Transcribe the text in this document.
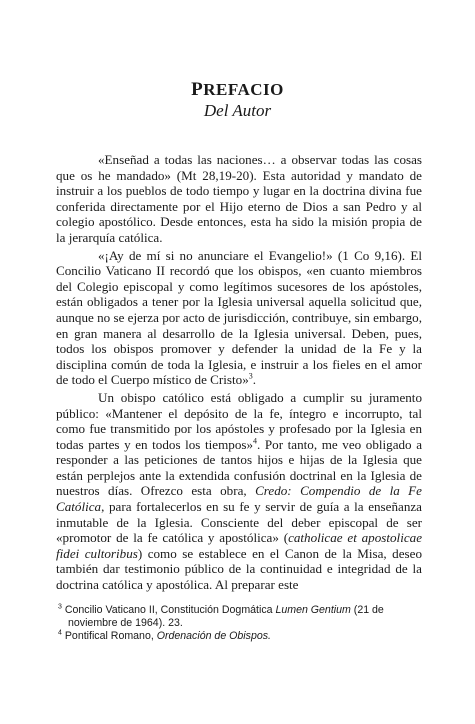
PREFACIO
Del Autor

«Enseñad a todas las naciones… a observar todas las cosas que os he mandado» (Mt 28,19-20). Esta autoridad y mandato de instruir a los pueblos de todo tiempo y lugar en la doctrina divina fue conferida directamente por el Hijo eterno de Dios a san Pedro y al colegio apostólico. Desde entonces, esta ha sido la misión propia de la jerarquía católica.

«¡Ay de mí si no anunciare el Evangelio!» (1 Co 9,16). El Concilio Vaticano II recordó que los obispos, «en cuanto miembros del Colegio episcopal y como legítimos sucesores de los apóstoles, están obligados a tener por la Iglesia universal aquella solicitud que, aunque no se ejerza por acto de jurisdicción, contribuye, sin embargo, en gran manera al desarrollo de la Iglesia universal. Deben, pues, todos los obispos promover y defender la unidad de la Fe y la disciplina común de toda la Iglesia, e instruir a los fieles en el amor de todo el Cuerpo místico de Cristo»$^3$.

Un obispo católico está obligado a cumplir su juramento público: «Mantener el depósito de la fe, íntegro e incorrupto, tal como fue transmitido por los apóstoles y profesado por la Iglesia en todas partes y en todos los tiempos»$^4$. Por tanto, me veo obligado a responder a las peticiones de tantos hijos e hijas de la Iglesia que están perplejos ante la extendida confusión doctrinal en la Iglesia de nuestros días. Ofrezco esta obra, Credo: Compendio de la Fe Católica, para fortalecerlos en su fe y servir de guía a la enseñanza inmutable de la Iglesia. Consciente del deber episcopal de ser «promotor de la fe católica y apostólica» (catholicae et apostolicae fidei cultoribus) como se establece en el Canon de la Misa, deseo también dar testimonio público de la continuidad e integridad de la doctrina católica y apostólica. Al preparar este

$^3$ Concilio Vaticano II, Constitución Dogmática Lumen Gentium (21 de noviembre de 1964). 23.

$^4$ Pontifical Romano, Ordenación de Obispos.
